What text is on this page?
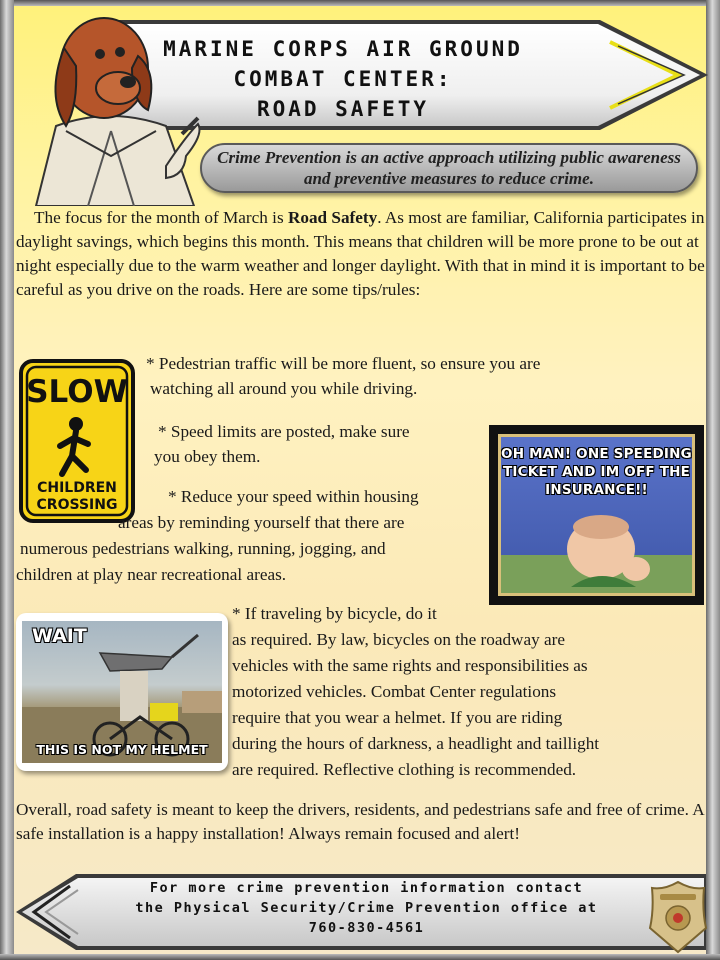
MARINE CORPS AIR GROUND
COMBAT CENTER:
ROAD SAFETY
Crime Prevention is an active approach utilizing public awareness and preventive measures to reduce crime.
The focus for the month of March is Road Safety. As most are familiar, California participates in daylight savings, which begins this month. This means that children will be more prone to be out at night especially due to the warm weather and longer daylight. With that in mind it is important to be careful as you drive on the roads. Here are some tips/rules:
SLOW
CHILDREN
CROSSING
* Pedestrian traffic will be more fluent, so ensure you are
watching all around you while driving.
* Speed limits are posted, make sure
you obey them.
* Reduce your speed within housing
areas by reminding yourself that there are
numerous pedestrians walking, running, jogging, and
children at play near recreational areas.
OH MAN! ONE SPEEDING TICKET AND IM OFF THE INSURANCE!!
WAIT
THIS IS NOT MY HELMET
* If traveling by bicycle, do it
as required. By law, bicycles on the roadway are
vehicles with the same rights and responsibilities as
motorized vehicles. Combat Center regulations
require that you wear a helmet. If you are riding
during the hours of darkness, a headlight and taillight
are required. Reflective clothing is recommended.
Overall, road safety is meant to keep the drivers, residents, and pedestrians safe and free of crime. A safe installation is a happy installation! Always remain focused and alert!
For more crime prevention information contact
the Physical Security/Crime Prevention office at
760-830-4561
